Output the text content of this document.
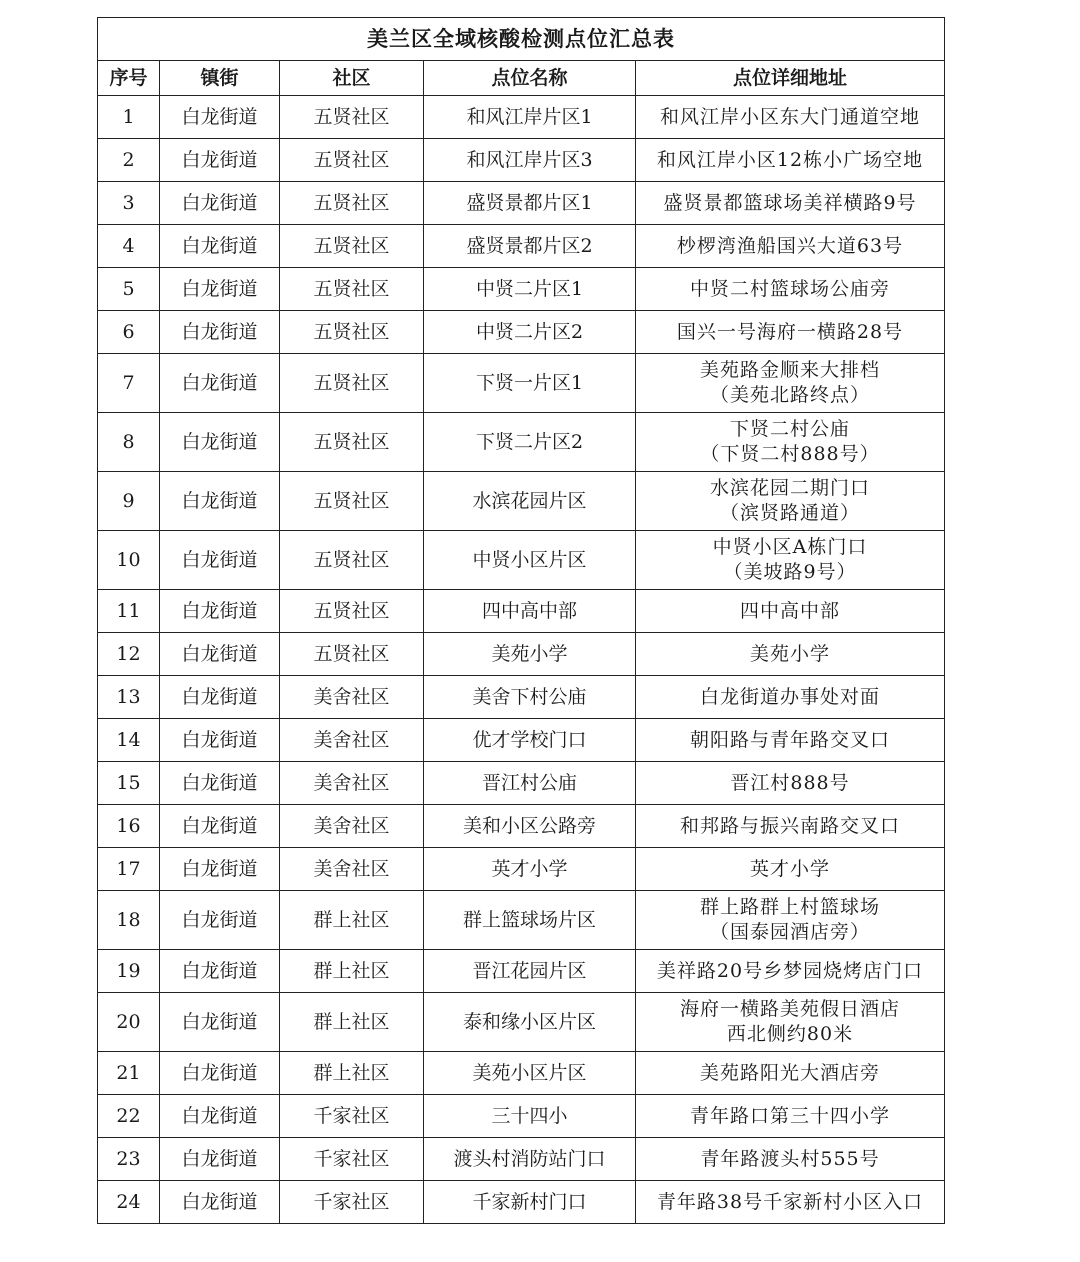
美兰区全域核酸检测点位汇总表				
序号	镇街	社区	点位名称	点位详细地址
1	白龙街道	五贤社区	和风江岸片区1	和风江岸小区东大门通道空地

2	白龙街道	五贤社区	和风江岸片区3	和风江岸小区12栋小广场空地

3	白龙街道	五贤社区	盛贤景都片区1	盛贤景都篮球场美祥横路9号

4	白龙街道	五贤社区	盛贤景都片区2	杪椤湾渔船国兴大道63号

5	白龙街道	五贤社区	中贤二片区1	中贤二村篮球场公庙旁

6	白龙街道	五贤社区	中贤二片区2	国兴一号海府一横路28号

7	白龙街道	五贤社区	下贤一片区1	美苑路金顺来大排档
（美苑北路终点）

8	白龙街道	五贤社区	下贤二片区2	下贤二村公庙
（下贤二村888号）

9	白龙街道	五贤社区	水滨花园片区	水滨花园二期门口
（滨贤路通道）

10	白龙街道	五贤社区	中贤小区片区	中贤小区A栋门口
（美坡路9号）

11	白龙街道	五贤社区	四中高中部	四中高中部

12	白龙街道	五贤社区	美苑小学	美苑小学

13	白龙街道	美舍社区	美舍下村公庙	白龙街道办事处对面

14	白龙街道	美舍社区	优才学校门口	朝阳路与青年路交叉口

15	白龙街道	美舍社区	晋江村公庙	晋江村888号

16	白龙街道	美舍社区	美和小区公路旁	和邦路与振兴南路交叉口

17	白龙街道	美舍社区	英才小学	英才小学

18	白龙街道	群上社区	群上篮球场片区	群上路群上村篮球场
（国泰园酒店旁）

19	白龙街道	群上社区	晋江花园片区	美祥路20号乡梦园烧烤店门口

20	白龙街道	群上社区	泰和缘小区片区	海府一横路美苑假日酒店
西北侧约80米

21	白龙街道	群上社区	美苑小区片区	美苑路阳光大酒店旁

22	白龙街道	千家社区	三十四小	青年路口第三十四小学

23	白龙街道	千家社区	渡头村消防站门口	青年路渡头村555号

24	白龙街道	千家社区	千家新村门口	青年路38号千家新村小区入口
